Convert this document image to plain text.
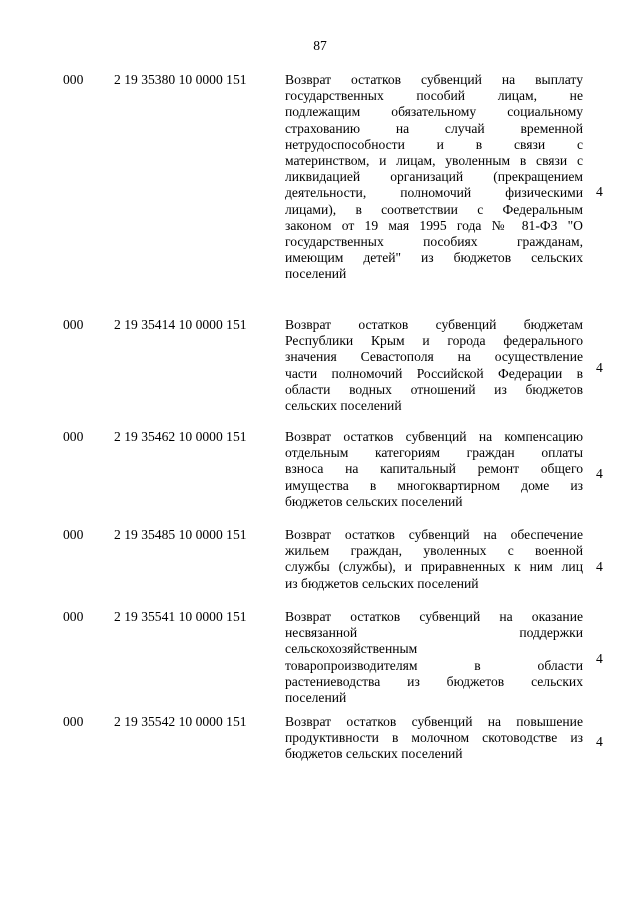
87
000 2 19 35380 10 0000 151	Возврат остатков субвенций на выплату
государственных пособий лицам, не
подлежащим обязательному социальному
страхованию на случай временной
нетрудоспособности и в связи с
материнством, и лицам, уволенным в связи с
ликвидацией организаций (прекращением
деятельности, полномочий физическими
лицами), в соответствии с Федеральным
законом от 19 мая 1995 года № 81-ФЗ "О
государственных пособиях гражданам,
имеющим детей" из бюджетов сельских
поселений
4
000 2 19 35414 10 0000 151	Возврат остатков субвенций бюджетам
Республики Крым и города федерального
значения Севастополя на осуществление
части полномочий Российской Федерации в
области водных отношений из бюджетов
сельских поселений
4
000 2 19 35462 10 0000 151	Возврат остатков субвенций на компенсацию
отдельным категориям граждан оплаты
взноса на капитальный ремонт общего
имущества в многоквартирном доме из
бюджетов сельских поселений
4
000 2 19 35485 10 0000 151	Возврат остатков субвенций на обеспечение
жильем граждан, уволенных с военной
службы (службы), и приравненных к ним лиц
из бюджетов сельских поселений
4
000 2 19 35541 10 0000 151	Возврат остатков субвенций на оказание
несвязанной поддержки
сельскохозяйственным
товаропроизводителям в области
растениеводства из бюджетов сельских
поселений
4
000 2 19 35542 10 0000 151	Возврат остатков субвенций на повышение
продуктивности в молочном скотоводстве из
бюджетов сельских поселений
4
